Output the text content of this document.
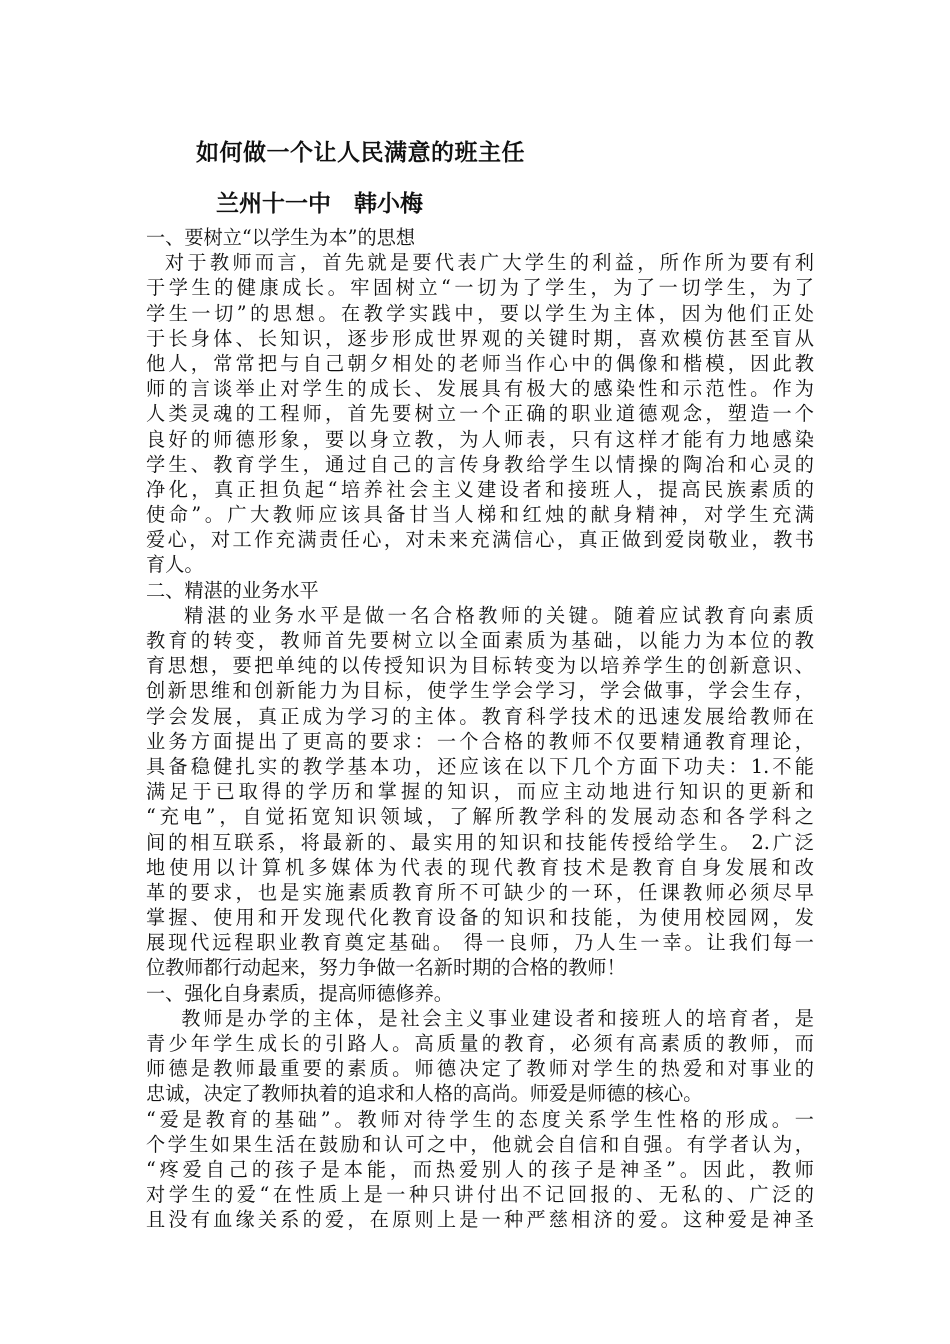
如何做一个让人民满意的班主任
兰州十一中　韩小梅
一、要树立“以学生为本”的思想
对于教师而言，首先就是要代表广大学生的利益，所作所为要有利
于学生的健康成长。牢固树立“一切为了学生，为了一切学生，为了
学生一切”的思想。在教学实践中，要以学生为主体，因为他们正处
于长身体、长知识，逐步形成世界观的关键时期，喜欢模仿甚至盲从
他人，常常把与自己朝夕相处的老师当作心中的偶像和楷模，因此教
师的言谈举止对学生的成长、发展具有极大的感染性和示范性。作为
人类灵魂的工程师，首先要树立一个正确的职业道德观念，塑造一个
良好的师德形象，要以身立教，为人师表，只有这样才能有力地感染
学生、教育学生，通过自己的言传身教给学生以情操的陶冶和心灵的
净化，真正担负起“培养社会主义建设者和接班人，提高民族素质的
使命”。广大教师应该具备甘当人梯和红烛的献身精神，对学生充满
爱心，对工作充满责任心，对未来充满信心，真正做到爱岗敬业，教书
育人。
二、精湛的业务水平
精湛的业务水平是做一名合格教师的关键。随着应试教育向素质
教育的转变，教师首先要树立以全面素质为基础，以能力为本位的教
育思想，要把单纯的以传授知识为目标转变为以培养学生的创新意识、
创新思维和创新能力为目标，使学生学会学习，学会做事，学会生存，
学会发展，真正成为学习的主体。教育科学技术的迅速发展给教师在
业务方面提出了更高的要求：一个合格的教师不仅要精通教育理论，
具备稳健扎实的教学基本功，还应该在以下几个方面下功夫：1.不能
满足于已取得的学历和掌握的知识，而应主动地进行知识的更新和
“充电”，自觉拓宽知识领域，了解所教学科的发展动态和各学科之
间的相互联系，将最新的、最实用的知识和技能传授给学生。 2.广泛
地使用以计算机多媒体为代表的现代教育技术是教育自身发展和改
革的要求，也是实施素质教育所不可缺少的一环，任课教师必须尽早
掌握、使用和开发现代化教育设备的知识和技能，为使用校园网，发
展现代远程职业教育奠定基础。 得一良师，乃人生一幸。让我们每一
位教师都行动起来，努力争做一名新时期的合格的教师！
一、强化自身素质，提高师德修养。
教师是办学的主体，是社会主义事业建设者和接班人的培育者，是
青少年学生成长的引路人。高质量的教育，必须有高素质的教师，而
师德是教师最重要的素质。师德决定了教师对学生的热爱和对事业的
忠诚，决定了教师执着的追求和人格的高尚。师爱是师德的核心。
“爱是教育的基础”。教师对待学生的态度关系学生性格的形成。一
个学生如果生活在鼓励和认可之中，他就会自信和自强。有学者认为，
“疼爱自己的孩子是本能，而热爱别人的孩子是神圣”。因此，教师
对学生的爱“在性质上是一种只讲付出不记回报的、无私的、广泛的
且没有血缘关系的爱，在原则上是一种严慈相济的爱。这种爱是神圣
